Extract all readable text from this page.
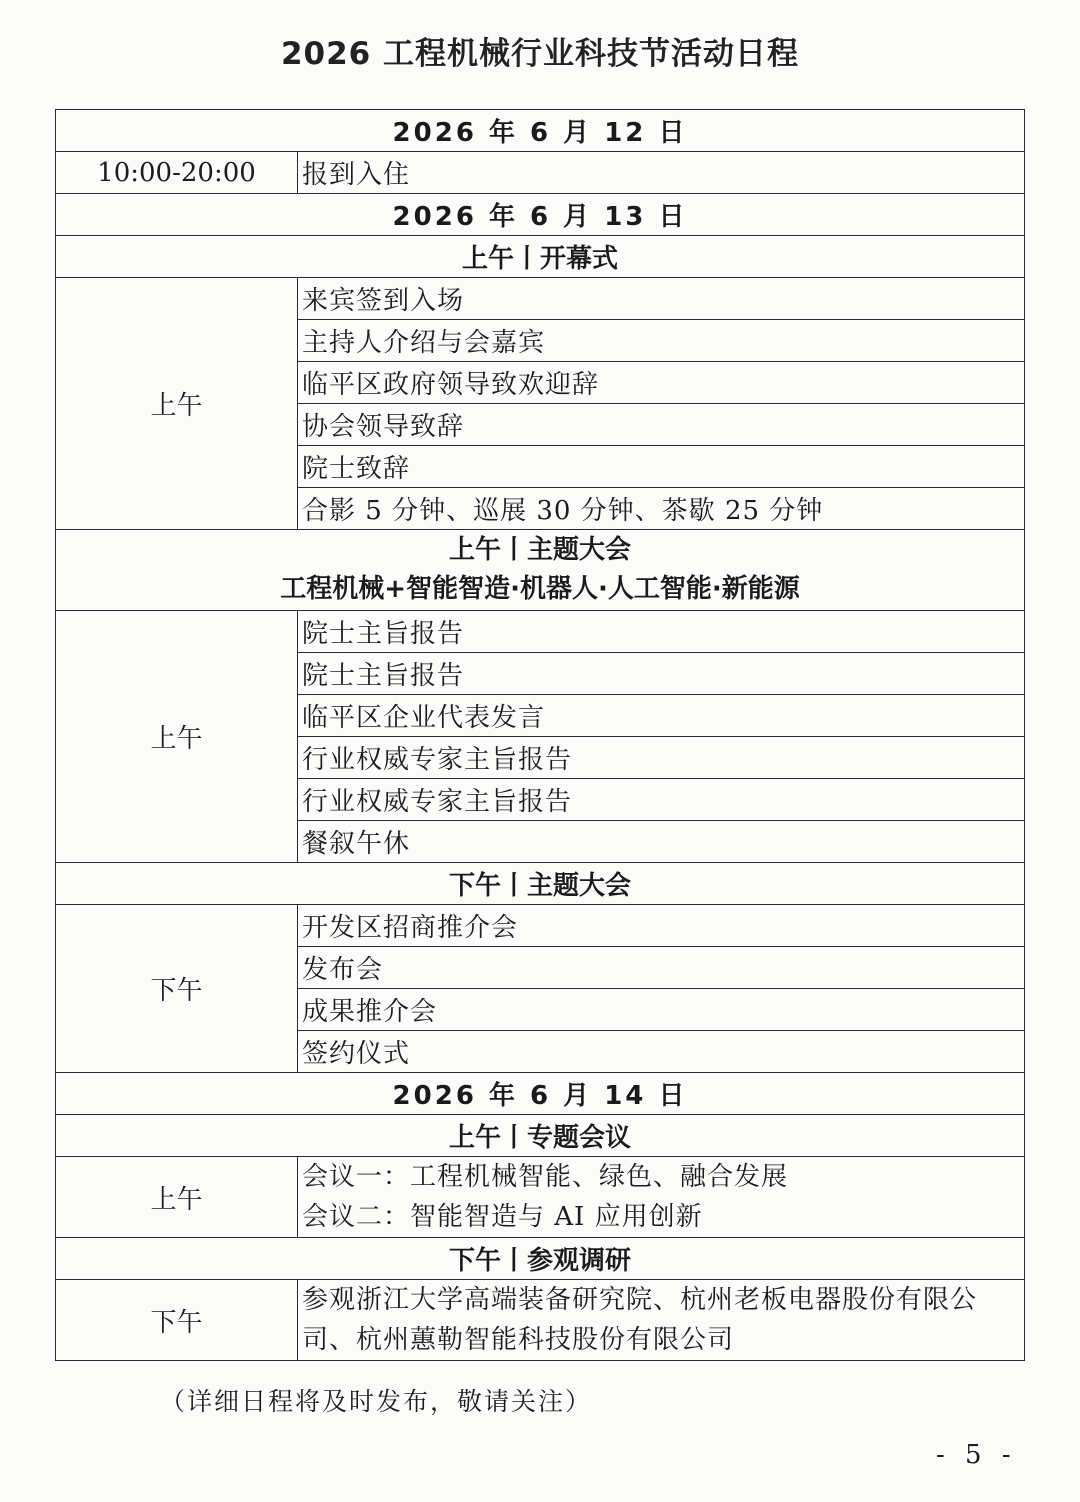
2026 工程机械行业科技节活动日程
2026 年 6 月 12 日	
10:00-20:00	报到入住
2026 年 6 月 13 日	
上午丨开幕式	
上午	来宾签到入场
	主持人介绍与会嘉宾
	临平区政府领导致欢迎辞
	协会领导致辞
	院士致辞
	合影 5 分钟、巡展 30 分钟、茶歇 25 分钟

上午丨主题大会
工程机械+智能智造·机器人·人工智能·新能源	

上午	院士主旨报告
	院士主旨报告
	临平区企业代表发言
	行业权威专家主旨报告
	行业权威专家主旨报告
	餐叙午休
下午丨主题大会	
下午	开发区招商推介会
	发布会
	成果推介会
	签约仪式
2026 年 6 月 14 日	
上午丨专题会议	
上午	会议一：工程机械智能、绿色、融合发展
会议二：智能智造与 AI 应用创新

下午丨参观调研	
下午	参观浙江大学高端装备研究院、杭州老板电器股份有限公
司、杭州蕙勒智能科技股份有限公司
（详细日程将及时发布，敬请关注）
- 5 -
